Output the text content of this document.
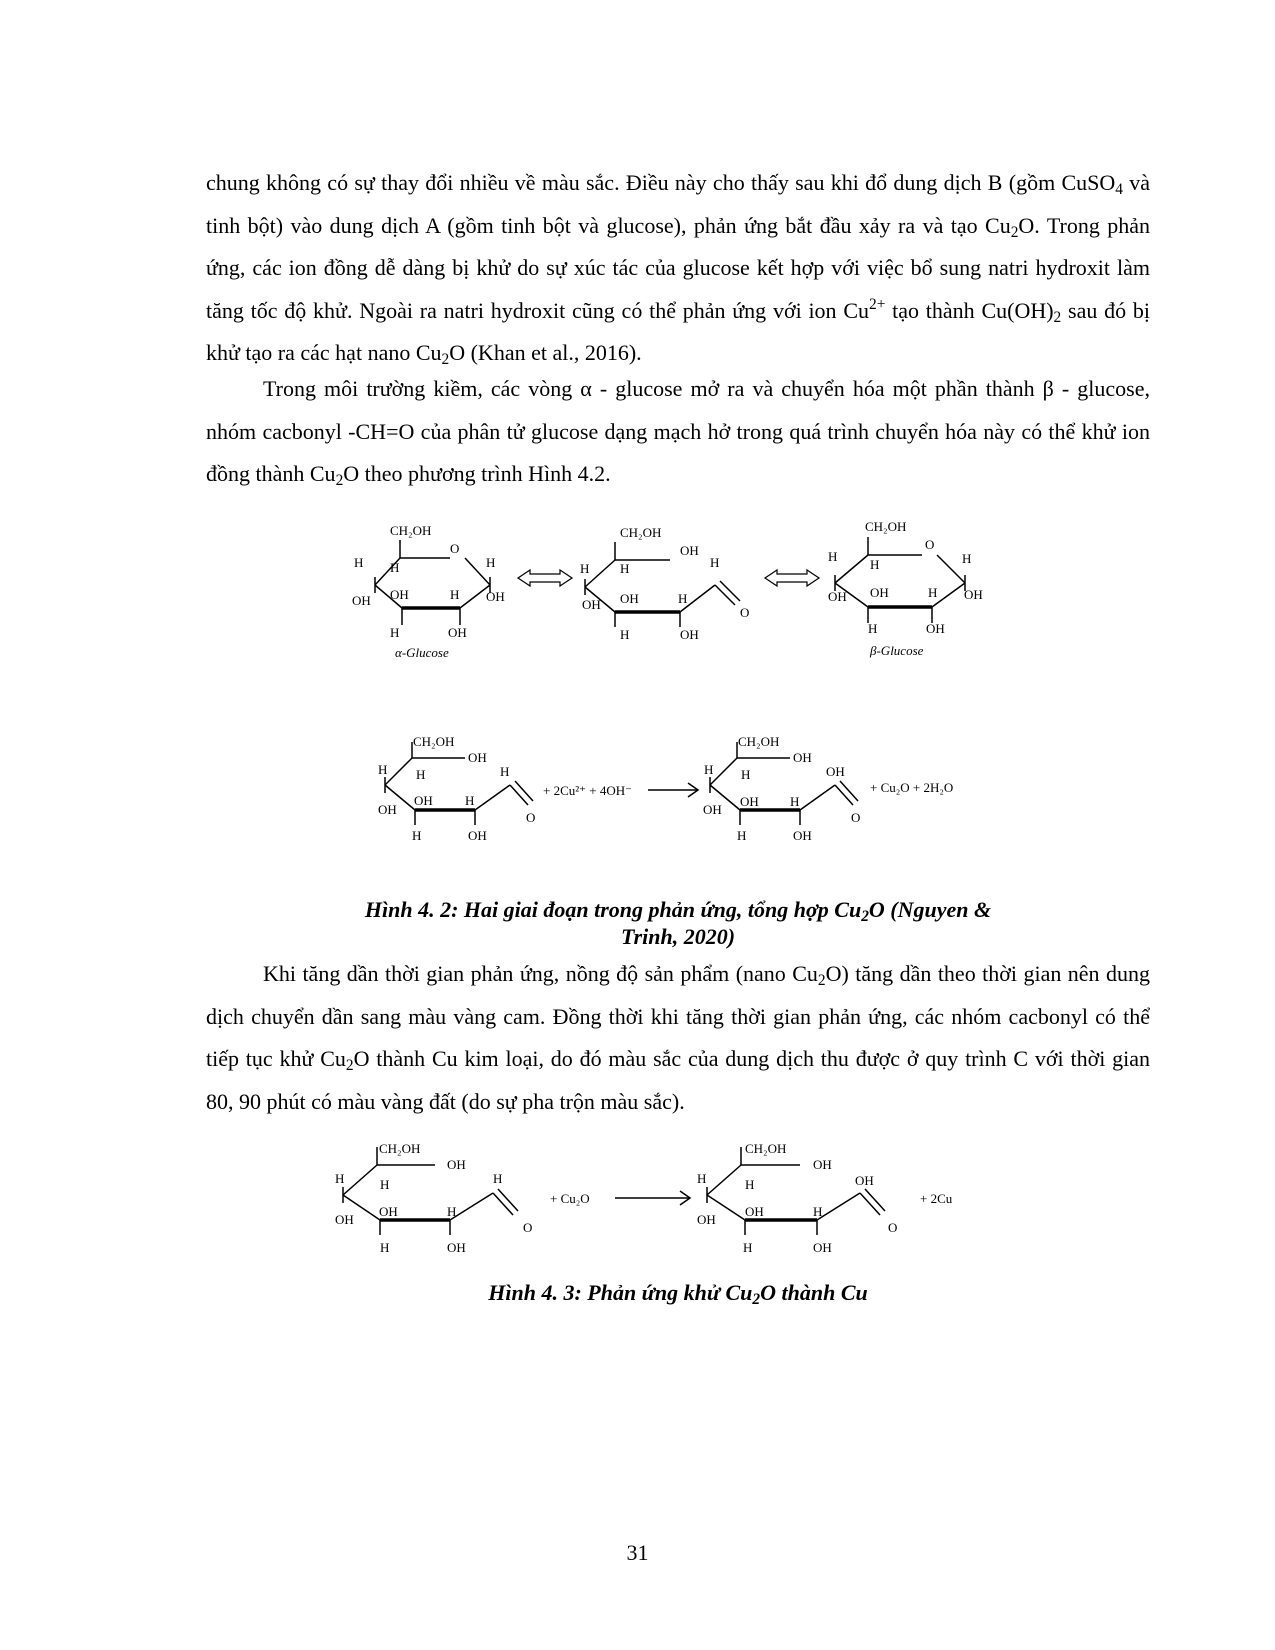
chung không có sự thay đổi nhiều về màu sắc. Điều này cho thấy sau khi đổ dung dịch B (gồm CuSO$_4$ và tinh bột) vào dung dịch A (gồm tinh bột và glucose), phản ứng bắt đầu xảy ra và tạo $Cu_2O$. Trong phản ứng, các ion đồng dễ dàng bị khử do sự xúc tác của glucose kết hợp với việc bổ sung natri hydroxit làm tăng tốc độ khử. Ngoài ra natri hydroxit cũng có thể phản ứng với ion $Cu^{2+}$ tạo thành $Cu(OH)_2$ sau đó bị khử tạo ra các hạt nano $Cu_2O$ (Khan et al., 2016).

Trong môi trường kiềm, các vòng α - glucose mở ra và chuyển hóa một phần thành β - glucose, nhóm cacbonyl -CH=O của phân tử glucose dạng mạch hở trong quá trình chuyển hóa này có thể khử ion đồng thành $Cu_2O$ theo phương trình Hình 4.2.

CH₂OH
O
H H	H
OH OH	H OH
H	OH
α-Glucose
CH₂OH
OH
H H	H
OH OH	H
O
H	OH
CH₂OH
O
H
H	H
OH OH	H OH
H	OH
β-Glucose
CH₂OH
OH
H H	H
OH
OH H
O
H	OH
+ 2Cu²⁺ + 4OH⁻
CH₂OH
OH
H H	OH
OH
OH H
O
H	OH
+ Cu₂O + 2H₂O

Hình 4. 2: Hai giai đoạn trong phản ứng, tổng hợp $Cu_2O$ (Nguyen &
Trinh, 2020)

Khi tăng dần thời gian phản ứng, nồng độ sản phẩm (nano $Cu_2O$) tăng dần theo thời gian nên dung dịch chuyển dần sang màu vàng cam. Đồng thời khi tăng thời gian phản ứng, các nhóm cacbonyl có thể tiếp tục khử $Cu_2O$ thành Cu kim loại, do đó màu sắc của dung dịch thu được ở quy trình C với thời gian 80, 90 phút có màu vàng đất (do sự pha trộn màu sắc).

CH₂OH
OH
H	H	H
OH
OH	H
O
H	OH
+ Cu₂O
CH₂OH
OH
H	H	OH
OH
OH	H
O
H	OH
+ 2Cu

Hình 4. 3: Phản ứng khử $Cu_2O$ thành Cu

31
